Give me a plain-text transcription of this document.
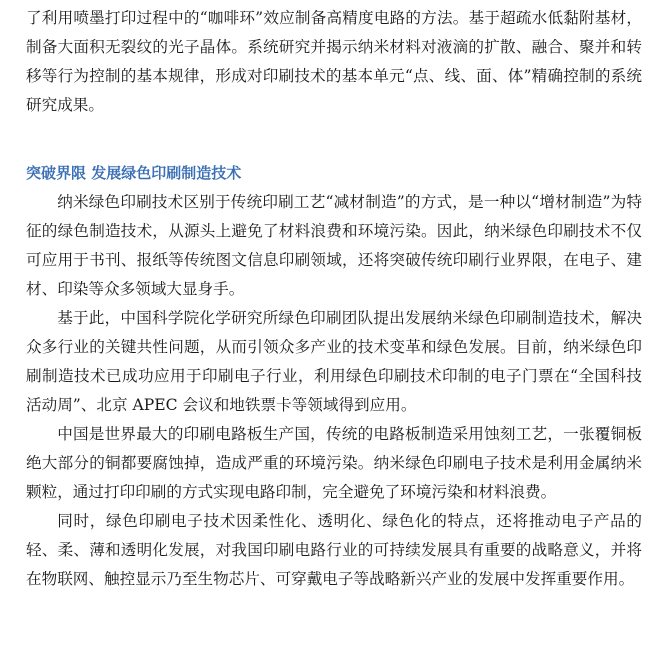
了利用喷墨打印过程中的“咖啡环”效应制备高精度电路的方法。基于超疏水低黏附基材，制备大面积无裂纹的光子晶体。系统研究并揭示纳米材料对液滴的扩散、融合、聚并和转移等行为控制的基本规律，形成对印刷技术的基本单元“点、线、面、体”精确控制的系统研究成果。

突破界限 发展绿色印刷制造技术

纳米绿色印刷技术区别于传统印刷工艺“减材制造”的方式，是一种以“增材制造”为特征的绿色制造技术，从源头上避免了材料浪费和环境污染。因此，纳米绿色印刷技术不仅可应用于书刊、报纸等传统图文信息印刷领域，还将突破传统印刷行业界限，在电子、建材、印染等众多领域大显身手。

基于此，中国科学院化学研究所绿色印刷团队提出发展纳米绿色印刷制造技术，解决众多行业的关键共性问题，从而引领众多产业的技术变革和绿色发展。目前，纳米绿色印刷制造技术已成功应用于印刷电子行业，利用绿色印刷技术印制的电子门票在“全国科技活动周”、北京 APEC 会议和地铁票卡等领域得到应用。

中国是世界最大的印刷电路板生产国，传统的电路板制造采用蚀刻工艺，一张覆铜板绝大部分的铜都要腐蚀掉，造成严重的环境污染。纳米绿色印刷电子技术是利用金属纳米颗粒，通过打印印刷的方式实现电路印制，完全避免了环境污染和材料浪费。

同时，绿色印刷电子技术因柔性化、透明化、绿色化的特点，还将推动电子产品的轻、柔、薄和透明化发展，对我国印刷电路行业的可持续发展具有重要的战略意义，并将在物联网、触控显示乃至生物芯片、可穿戴电子等战略新兴产业的发展中发挥重要作用。
